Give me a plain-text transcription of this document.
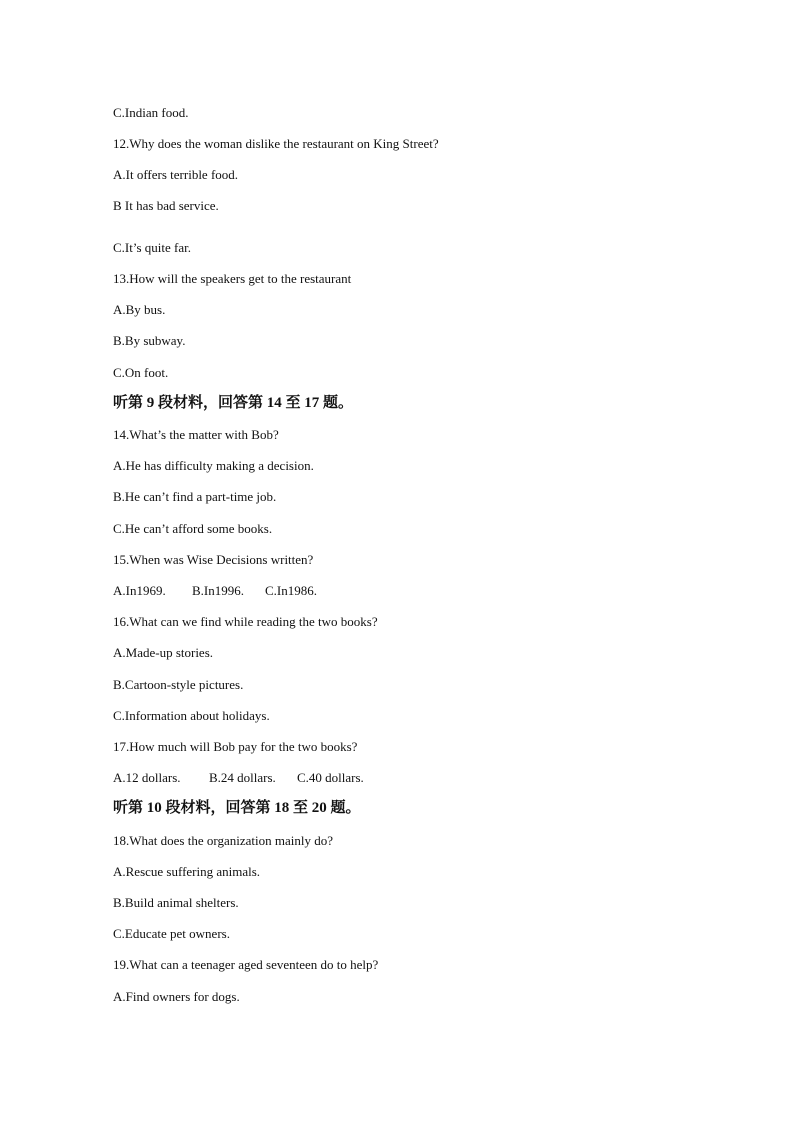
C.Indian food.

12.Why does the woman dislike the restaurant on King Street?

A.It offers terrible food.

B It has bad service.

C.It’s quite far.

13.How will the speakers get to the restaurant

A.By bus.

B.By subway.

C.On foot.

听第 9 段材料，回答第 14 至 17 题。

14.What’s the matter with Bob?

A.He has difficulty making a decision.

B.He can’t find a part-time job.

C.He can’t afford some books.

15.When was Wise Decisions written?

A.In1969. B.In1996. C.In1986.

16.What can we find while reading the two books?

A.Made-up stories.

B.Cartoon-style pictures.

C.Information about holidays.

17.How much will Bob pay for the two books?

A.12 dollars. B.24 dollars. C.40 dollars.

听第 10 段材料，回答第 18 至 20 题。

18.What does the organization mainly do?

A.Rescue suffering animals.

B.Build animal shelters.

C.Educate pet owners.

19.What can a teenager aged seventeen do to help?

A.Find owners for dogs.
